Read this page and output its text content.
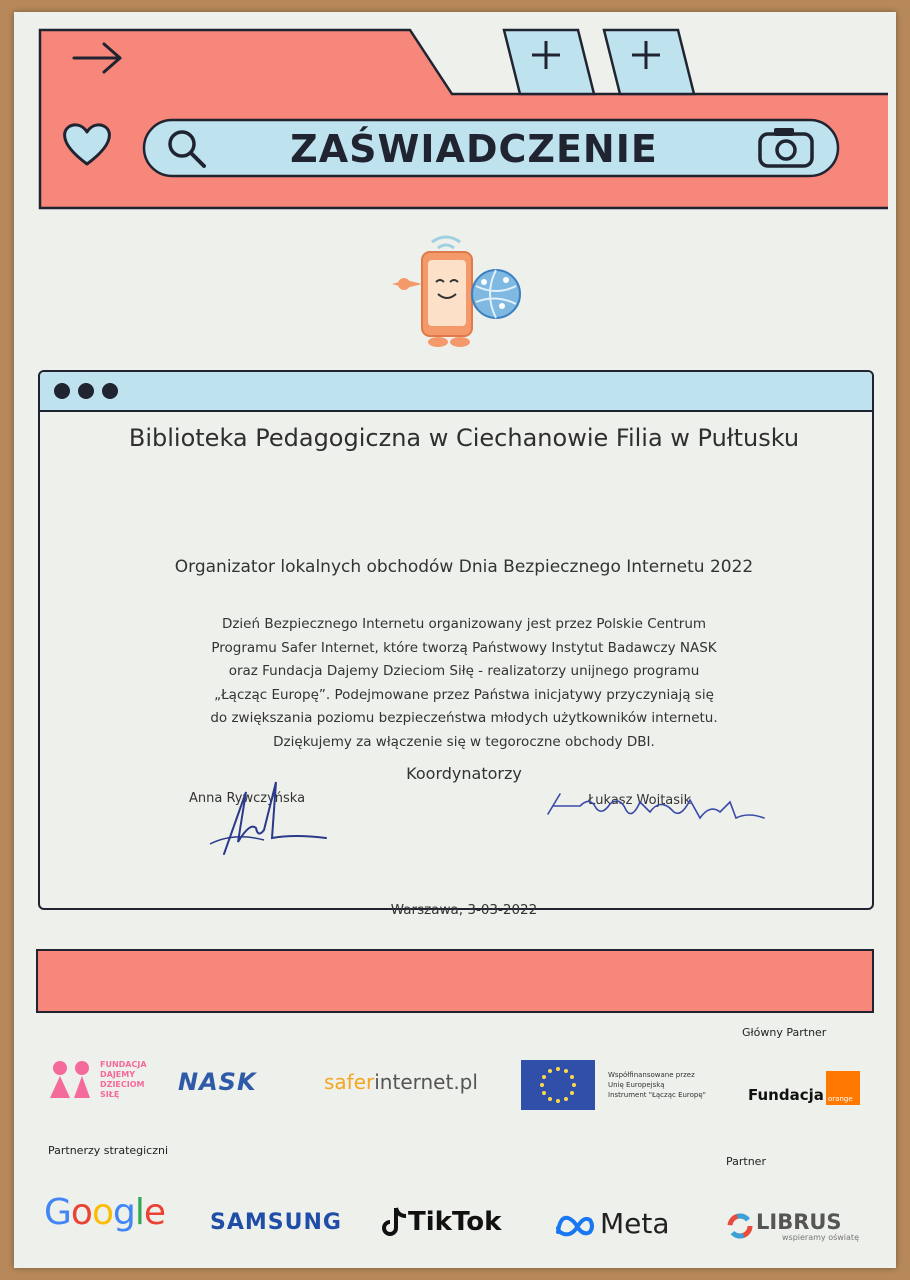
ZAŚWIADCZENIE
Biblioteka Pedagogiczna w Ciechanowie Filia w Pułtusku
Organizator lokalnych obchodów Dnia Bezpiecznego Internetu 2022
Dzień Bezpiecznego Internetu organizowany jest przez Polskie Centrum
Programu Safer Internet, które tworzą Państwowy Instytut Badawczy NASK
oraz Fundacja Dajemy Dzieciom Siłę - realizatorzy unijnego programu
„Łącząc Europę”. Podejmowane przez Państwa inicjatywy przyczyniają się
do zwiększania poziomu bezpieczeństwa młodych użytkowników internetu.
Dziękujemy za włączenie się w tegoroczne obchody DBI.
Koordynatorzy
Anna Rywczyńska	Łukasz Wojtasik
Warszawa, 3-03-2022
Główny Partner
FUNDACJA
DAJEMY
DZIECIOM
SIŁĘ	NASK	saferinternet.pl	Współfinansowane przez
Unię Europejską
Instrument "Łącząc Europę"	Fundacja orange
Partnerzy strategiczni
Partner
Google SAMSUNG	TikTok	Meta	LIBRUS
wspieramy oświatę
